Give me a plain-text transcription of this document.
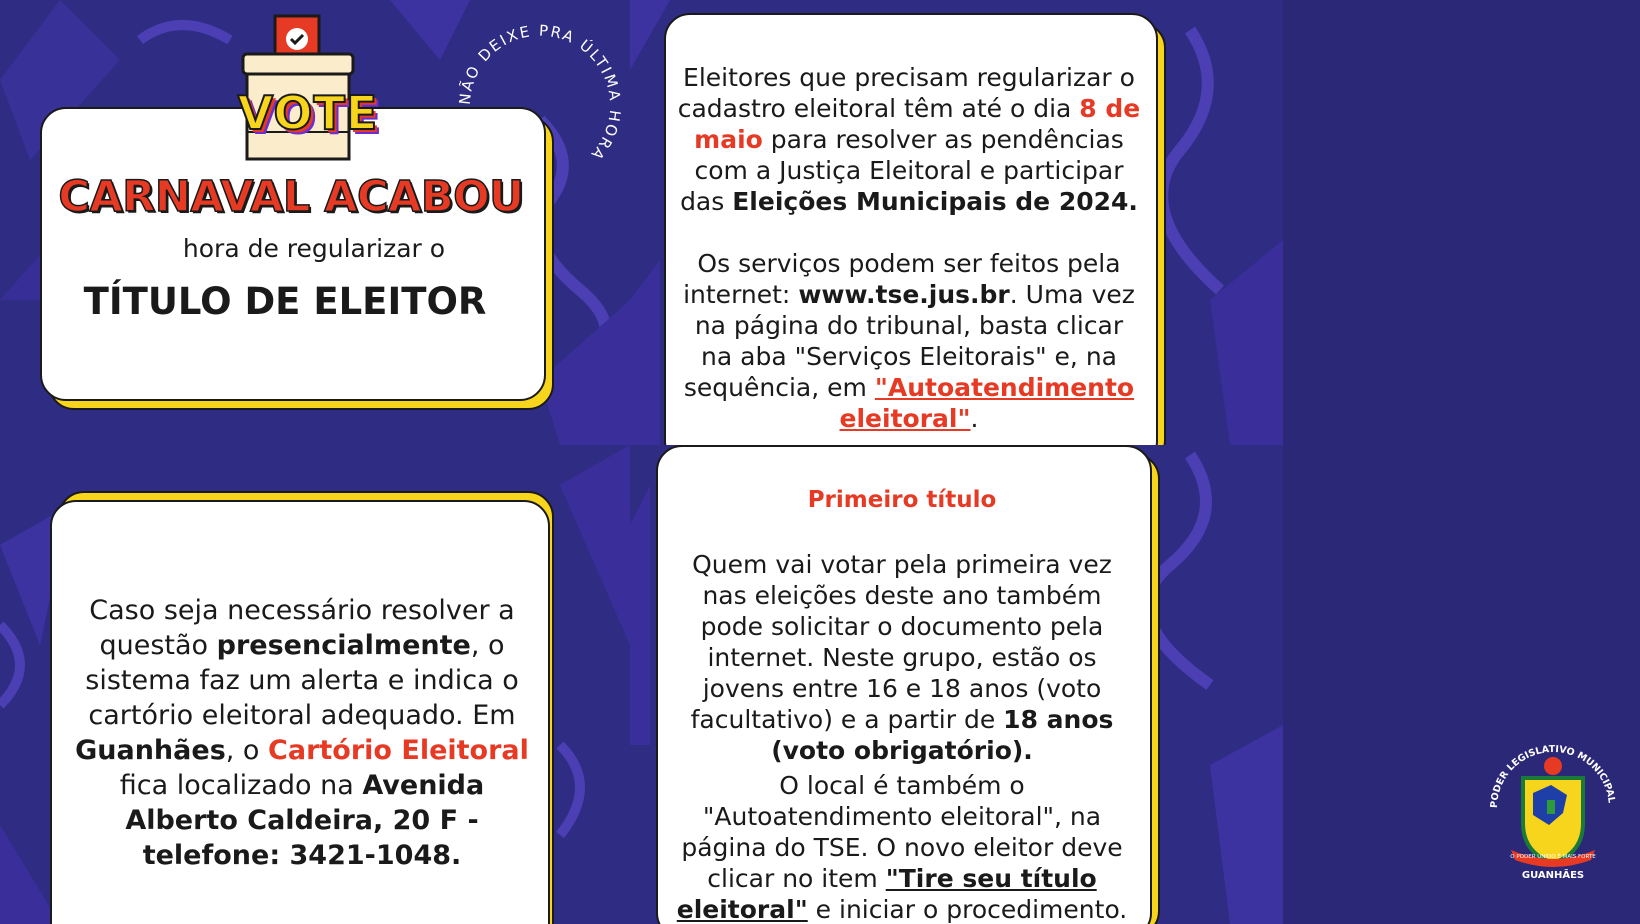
VOTE	NÃO DEIXE PRA ÚLTIMA HORA
CARNAVAL ACABOU
hora de regularizar o
TÍTULO DE ELEITOR
Eleitores que precisam regularizar o cadastro eleitoral têm até o dia 8 de maio para resolver as pendências com a Justiça Eleitoral e participar das Eleições Municipais de 2024.
Os serviços podem ser feitos pela internet: www.tse.jus.br. Uma vez na página do tribunal, basta clicar na aba "Serviços Eleitorais" e, na sequência, em "Autoatendimento eleitoral".
Caso seja necessário resolver a questão presencialmente, o sistema faz um alerta e indica o cartório eleitoral adequado. Em Guanhães, o Cartório Eleitoral fica localizado na Avenida Alberto Caldeira, 20 F - telefone: 3421-1048.
Primeiro título
Quem vai votar pela primeira vez nas eleições deste ano também pode solicitar o documento pela internet. Neste grupo, estão os jovens entre 16 e 18 anos (voto facultativo) e a partir de 18 anos (voto obrigatório).
O local é também o "Autoatendimento eleitoral", na página do TSE. O novo eleitor deve clicar no item "Tire seu título eleitoral" e iniciar o procedimento.
PODER LEGISLATIVO MUNICIPAL
O PODER UNIDO É MAIS FORTE
GUANHÃES
